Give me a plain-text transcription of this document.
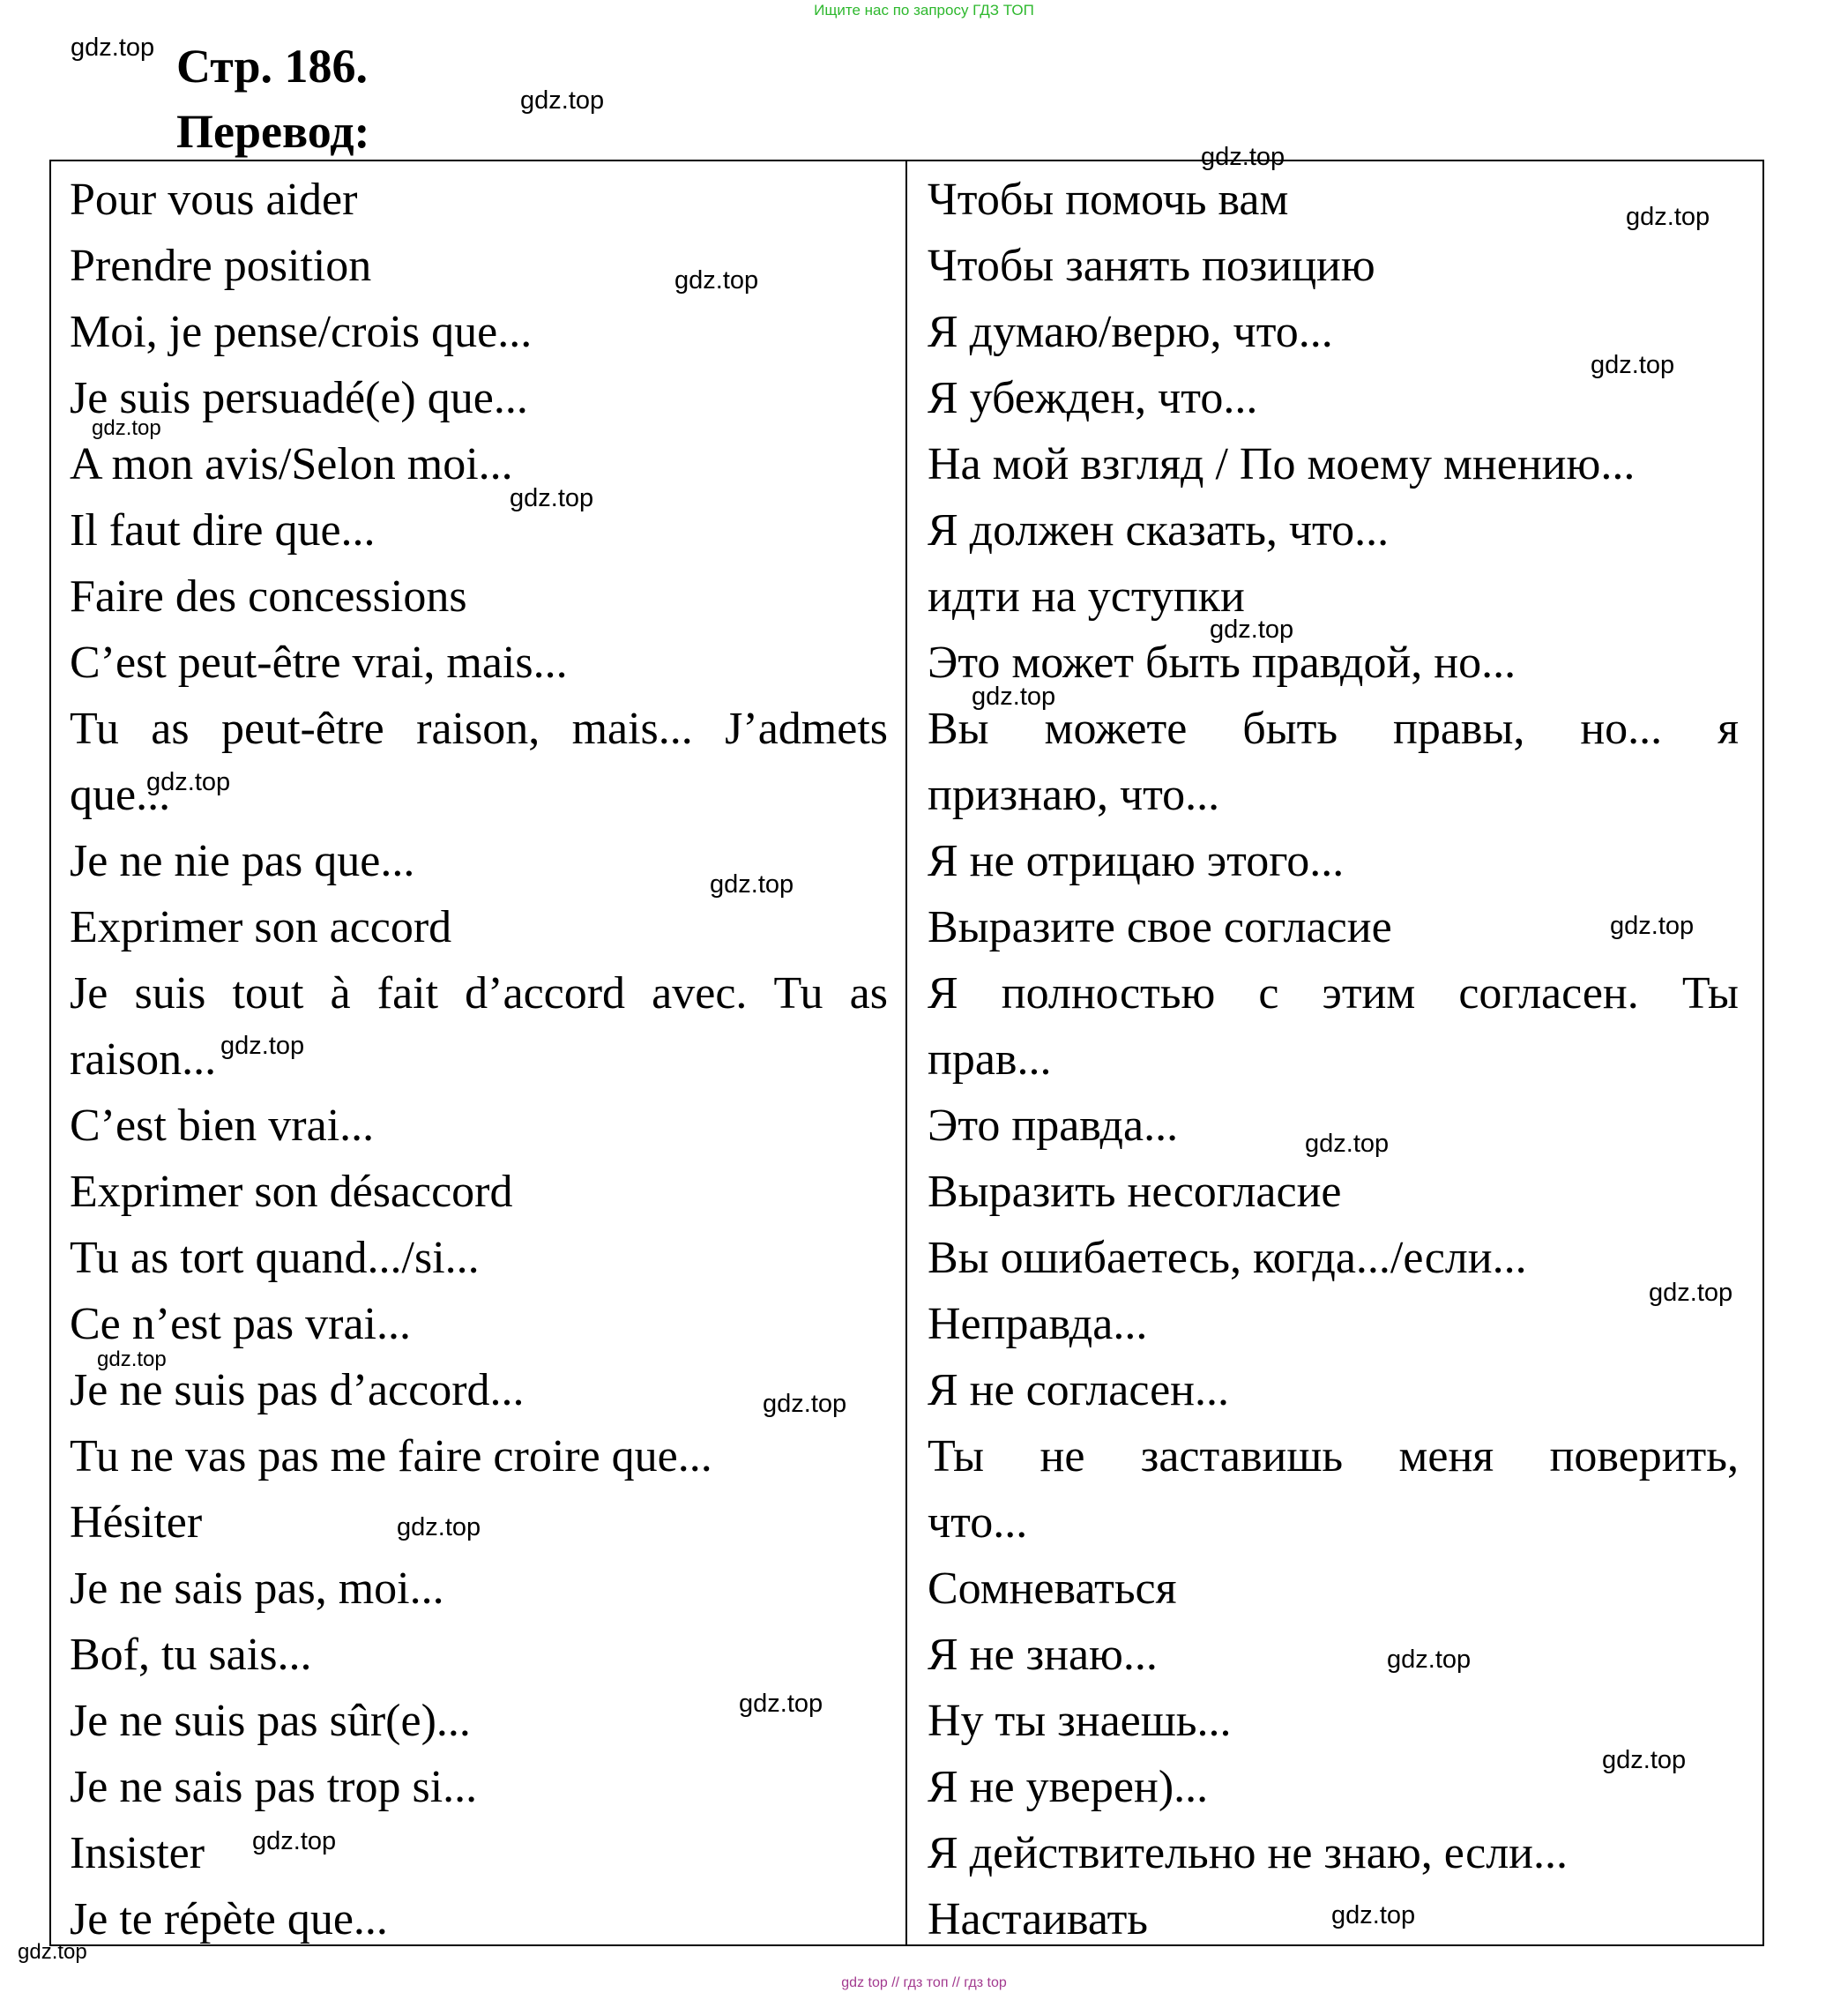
Ищите нас по запросу ГДЗ ТОП
Стр. 186.
Перевод:
Pour vous aider
Prendre position
Moi, je pense/crois que...
Je suis persuadé(e) que...
A mon avis/Selon moi...
Il faut dire que...
Faire des concessions
C’est peut-être vrai, mais...
Tu as peut-être raison, mais... J’admets
que...
Je ne nie pas que...
Exprimer son accord
Je suis tout à fait d’accord avec. Tu as
raison...
C’est bien vrai...
Exprimer son désaccord
Tu as tort quand.../si...
Ce n’est pas vrai...
Je ne suis pas d’accord...
Tu ne vas pas me faire croire que...
Hésiter
Je ne sais pas, moi...
Bof, tu sais...
Je ne suis pas sûr(e)...
Je ne sais pas trop si...
Insister
Je te répète que...
Чтобы помочь вам
Чтобы занять позицию
Я думаю/верю, что...
Я убежден, что...
На мой взгляд / По моему мнению...
Я должен сказать, что...
идти на уступки
Это может быть правдой, но...
Вы можете быть правы, но... я
признаю, что...
Я не отрицаю этого...
Выразите свое согласие
Я полностью с этим согласен. Ты
прав...
Это правда...
Выразить несогласие
Вы ошибаетесь, когда.../если...
Неправда...
Я не согласен...
Ты не заставишь меня поверить,
что...
Сомневаться
Я не знаю...
Ну ты знаешь...
Я не уверен)...
Я действительно не знаю, если...
Настаивать
gdz.top
gdz.top
gdz.top
gdz.top
gdz.top
gdz.top
gdz.top
gdz.top
gdz.top
gdz.top
gdz.top
gdz.top
gdz.top
gdz.top
gdz.top
gdz.top
gdz.top
gdz.top
gdz.top
gdz.top
gdz.top
gdz.top
gdz.top
gdz.top
gdz.top
gdz top // гдз топ // гдз top
